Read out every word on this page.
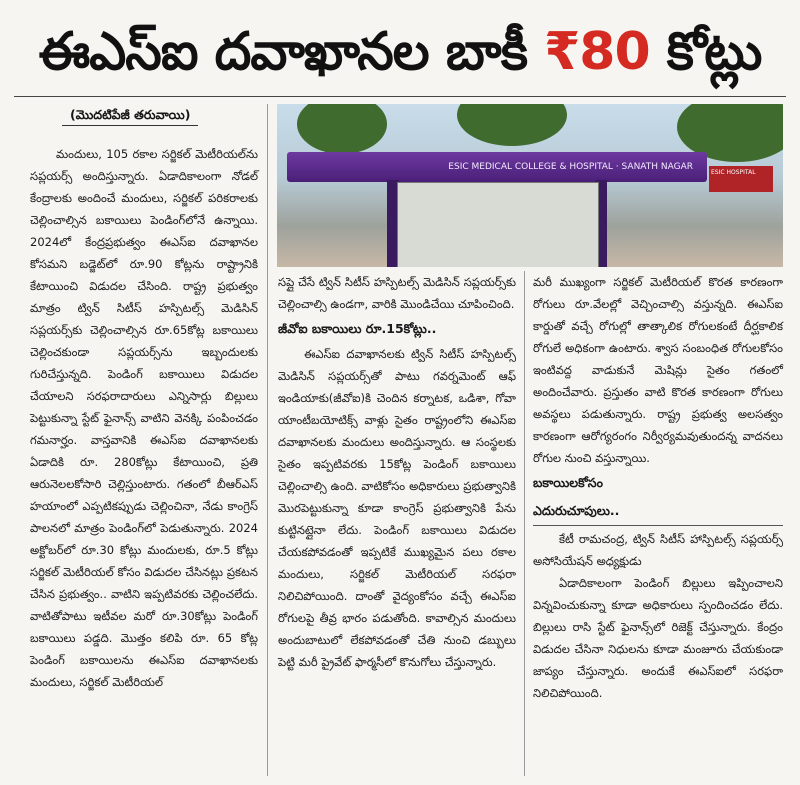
ఈఎస్ఐ దవాఖానల బాకీ ₹80 కోట్లు

(మొదటిపేజీ తరువాయి)

ESIC MEDICAL COLLEGE & HOSPITAL · SANATH NAGAR
ESIC HOSPITAL

మందులు, 105 రకాల సర్జికల్ మెటీరియల్‌ను సప్లయర్స్ అందిస్తున్నారు. ఏడాదికాలంగా నోడల్ కేంద్రాలకు అందించే మందులు, సర్జికల్ పరికరాలకు చెల్లించాల్సిన బకాయిలు పెండింగ్‌లోనే ఉన్నాయి. 2024లో కేంద్రప్రభుత్వం ఈఎస్ఐ దవాఖానల కోసమని బడ్జెట్‌లో రూ.90 కోట్లను రాష్ట్రానికి కేటాయించి విడుదల చేసింది. రాష్ట్ర ప్రభుత్వం మాత్రం ట్విన్ సిటీస్ హస్పిటల్స్ మెడిసిన్ సప్లయర్స్‌కు చెల్లించాల్సిన రూ.65కోట్ల బకాయిలు చెల్లించకుండా సప్లయర్స్‌ను ఇబ్బందులకు గురిచేస్తున్నది. పెండింగ్ బకాయిలు విడుదల చేయాలని సరఫరాదారులు ఎన్నిసార్లు బిల్లులు పెట్టుకున్నా స్టేట్ ఫైనాన్స్ వాటిని వెనక్కి పంపించడం గమనార్హం. వాస్తవానికి ఈఎస్ఐ దవాఖానలకు ఏడాదికి రూ. 280కోట్లు కేటాయించి, ప్రతి ఆరునెలలకోసారి చెల్లిస్తుంటారు. గతంలో బీఆర్ఎస్ హయాంలో ఎప్పటికప్పుడు చెల్లించినా, నేడు కాంగ్రెస్ పాలనలో మాత్రం పెండింగ్‌లో పెడుతున్నారు. 2024 అక్టోబర్‌లో రూ.30 కోట్లు మందులకు, రూ.5 కోట్లు సర్జికల్ మెటీరియల్ కోసం విడుదల చేసినట్లు ప్రకటన చేసిన ప్రభుత్వం.. వాటిని ఇప్పటివరకు చెల్లించలేదు. వాటితోపాటు ఇటీవల మరో రూ.30కోట్లు పెండింగ్ బకాయిలు పడ్డది. మొత్తం కలిపి రూ. 65 కోట్ల పెండింగ్ బకాయిలను ఈఎస్ఐ దవాఖానలకు మందులు, సర్జికల్ మెటీరియల్

సప్లై చేసే ట్విన్ సిటీస్ హస్పిటల్స్ మెడిసిన్ సప్లయర్స్‌కు చెల్లించాల్సి ఉండగా, వారికి మొండిచేయి చూపించింది.

జీవోఐ బకాయిలు రూ.15కోట్లు..

ఈఎస్ఐ దవాఖానలకు ట్విన్ సిటీస్ హస్పిటల్స్ మెడిసిన్ సప్లయర్స్‌తో పాటు గవర్నమెంట్ ఆఫ్ ఇండియాకు(జీవోఐ)కి చెందిన కర్నాటక, ఒడిశా, గోవా యాంటీబయోటిక్స్ వాళ్లు సైతం రాష్ట్రంలోని ఈఎస్ఐ దవాఖానలకు మందులు అందిస్తున్నారు. ఆ సంస్థలకు సైతం ఇప్పటివరకు 15కోట్ల పెండింగ్ బకాయిలు చెల్లించాల్సి ఉంది. వాటికోసం అధికారులు ప్రభుత్వానికి మొరపెట్టుకున్నా కూడా కాంగ్రెస్ ప్రభుత్వానికి పేను కుట్టినట్లైనా లేదు. పెండింగ్ బకాయిలు విడుదల చేయకపోవడంతో ఇప్పటికే ముఖ్యమైన పలు రకాల మందులు, సర్జికల్ మెటీరియల్ సరఫరా నిలిచిపోయింది. దాంతో వైద్యంకోసం వచ్చే ఈఎస్ఐ రోగులపై తీవ్ర భారం పడుతోంది. కావాల్సిన మందులు అందుబాటులో లేకపోవడంతో చేతి నుంచి డబ్బులు పెట్టి మరీ ప్రైవేట్ ఫార్మసీలో కొనుగోలు చేస్తున్నారు.

మరీ ముఖ్యంగా సర్జికల్ మెటీరియల్ కొరత కారణంగా రోగులు రూ.వేలల్లో వెచ్చించాల్సి వస్తున్నది. ఈఎస్ఐ కార్డుతో వచ్చే రోగుల్లో తాత్కాలిక రోగులకంటే దీర్ఘకాలిక రోగులే అధికంగా ఉంటారు. శ్వాస సంబంధిత రోగులకోసం ఇంటివద్ద వాడుకునే మెషిన్లు సైతం గతంలో అందించేవారు. ప్రస్తుతం వాటి కొరత కారణంగా రోగులు అవస్థలు పడుతున్నారు. రాష్ట్ర ప్రభుత్వ అలసత్వం కారణంగా ఆరోగ్యరంగం నిర్వీర్యమవుతుందన్న వాదనలు రోగుల నుంచి వస్తున్నాయి.

బకాయిలకోసం

ఎదురుచూపులు..

కేటీ రామచంద్ర, ట్విన్ సిటీస్ హాస్పిటల్స్ సప్లయర్స్ అసోసియేషన్ అధ్యక్షుడు

ఏడాదికాలంగా పెండింగ్ బిల్లులు ఇప్పించాలని విన్నవించుకున్నా కూడా అధికారులు స్పందించడం లేదు. బిల్లులు రాసి స్టేట్ ఫైనాన్స్‌లో రిజెక్ట్ చేస్తున్నారు. కేంద్రం విడుదల చేసినా నిధులను కూడా మంజూరు చేయకుండా జాప్యం చేస్తున్నారు. అందుకే ఈఎస్ఐలో సరఫరా నిలిచిపోయింది.
